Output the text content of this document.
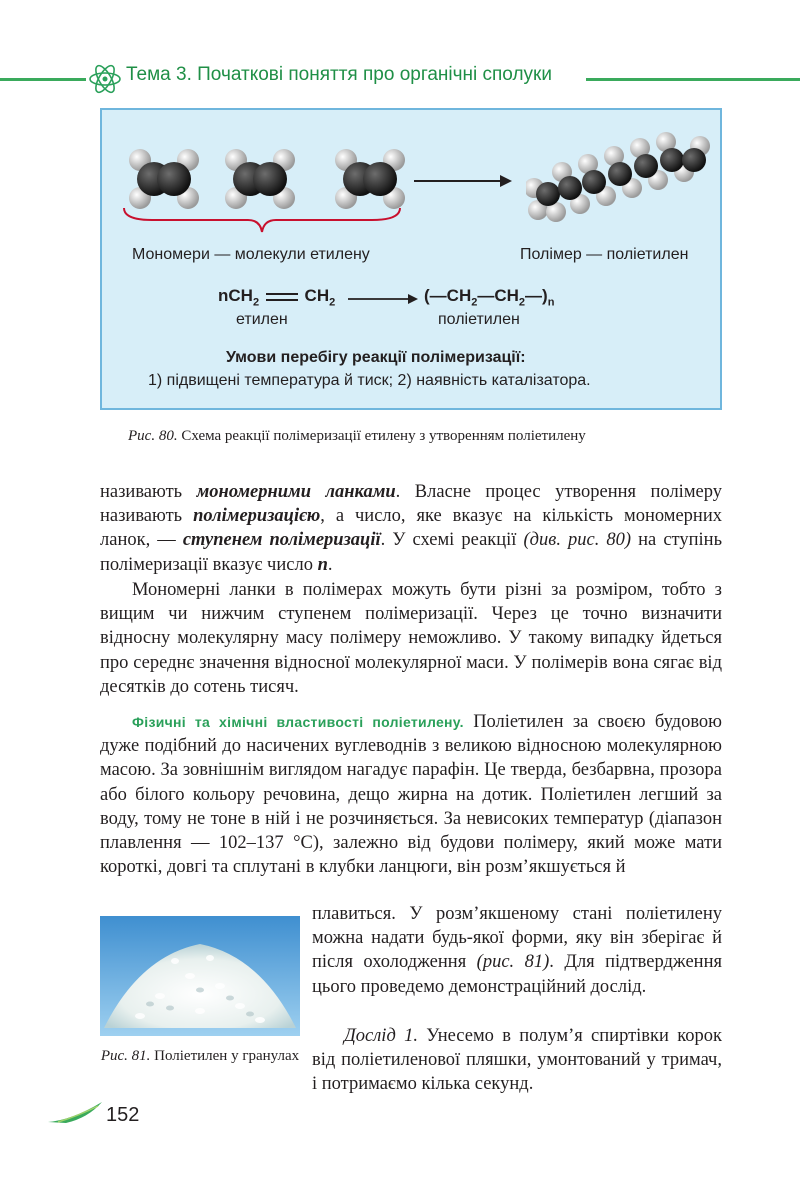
Тема 3. Початкові поняття про органічні сполуки
Мономери — молекули етилену	Полімер — поліетилен
nCH$_2$	$CH_2$	$(—CH_2—CH_2—)_n$
етилен	поліетилен
Умови перебігу реакції полімеризації:
1) підвищені температура й тиск; 2) наявність каталізатора.
Рис. 80. Схема реакції полімеризації етилену з утворенням поліетилену
називають мономерними ланками. Власне процес утворення полімеру називають полімеризацією, а число, яке вказує на кількість мономерних ланок, — ступенем полімеризації. У схемі реакції (див. рис. 80) на ступінь полімеризації вказує число n.
Мономерні ланки в полімерах можуть бути різні за розміром, тобто з вищим чи нижчим ступенем полімеризації. Через це точно визначити відносну молекулярну масу полімеру неможливо. У такому випадку йдеться про середнє значення відносної молекулярної маси. У полімерів вона сягає від десятків до сотень тисяч.
Фізичні та хімічні властивості поліетилену. Поліетилен за своєю будовою дуже подібний до насичених вуглеводнів з великою відносною молекулярною масою. За зовнішнім виглядом нагадує парафін. Це тверда, безбарвна, прозора або білого кольору речовина, дещо жирна на дотик. Поліетилен легший за воду, тому не тоне в ній і не розчиняється. За невисоких температур (діапазон плавлення — 102–137 °С), залежно від будови полімеру, який може мати короткі, довгі та сплутані в клубки ланцюги, він розм’якшується й
Рис. 81. Поліетилен у гранулах
плавиться. У розм’якшеному стані поліетилену можна надати будь-якої форми, яку він зберігає й після охолодження (рис. 81). Для підтвердження цього проведемо демонстраційний дослід.
Дослід 1. Унесемо в полум’я спиртівки корок від поліетиленової пляшки, умонтований у тримач, і потримаємо кілька секунд.
152
